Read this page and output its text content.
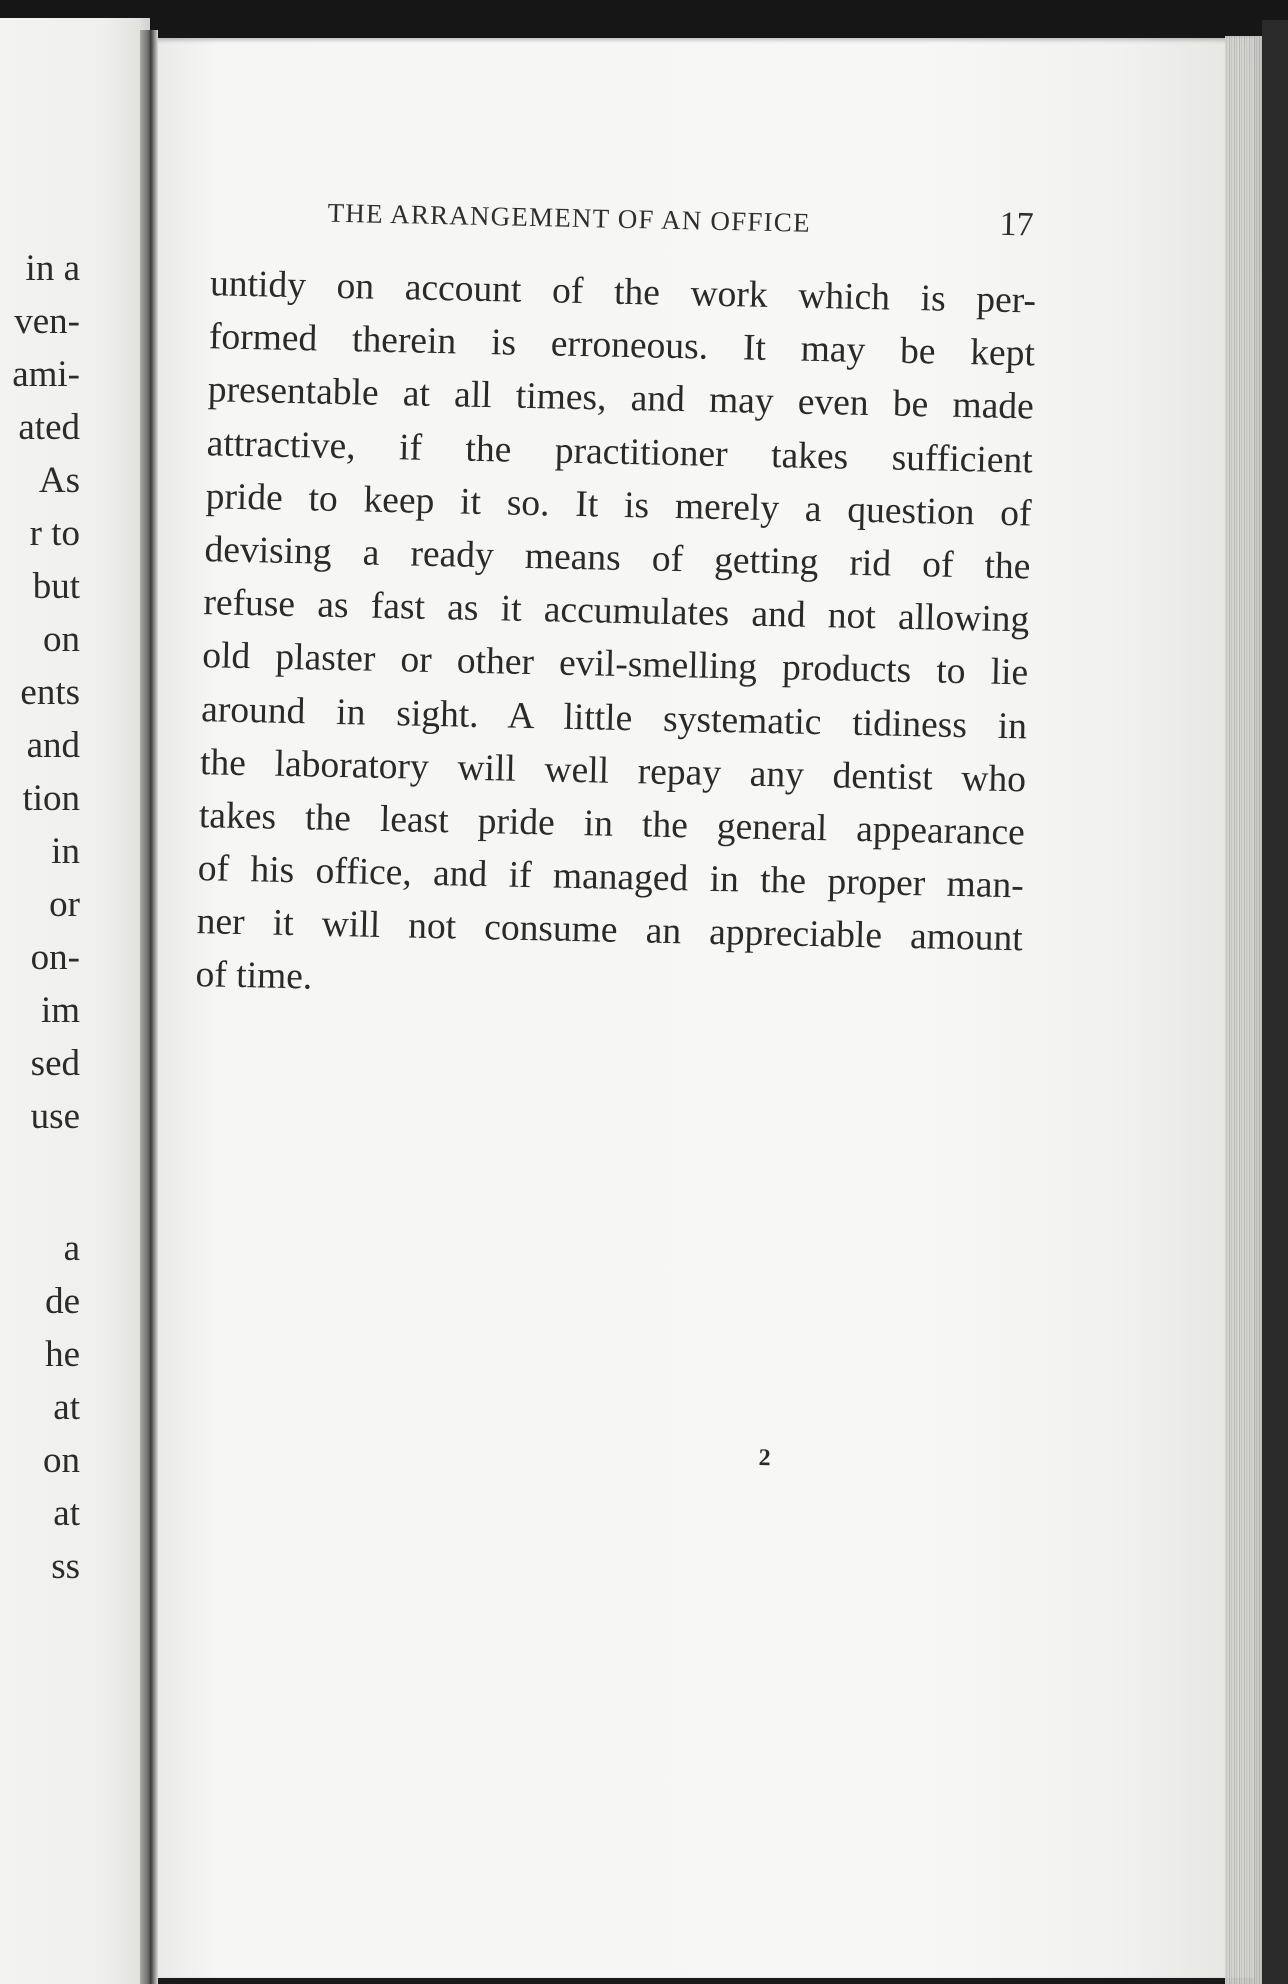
in a
ven-
ami-
ated
As
r to
but
on
ents
and
tion
in
or
on-
im
sed
use
a
de
he
at
on
at
ss
THE ARRANGEMENT OF AN OFFICE	17
untidy on account of the work which is per-
formed therein is erroneous. It may be kept
presentable at all times, and may even be made
attractive, if the practitioner takes sufficient
pride to keep it so. It is merely a question of
devising a ready means of getting rid of the
refuse as fast as it accumulates and not allowing
old plaster or other evil-smelling products to lie
around in sight. A little systematic tidiness in
the laboratory will well repay any dentist who
takes the least pride in the general appearance
of his office, and if managed in the proper man-
ner it will not consume an appreciable amount
of time.
2
